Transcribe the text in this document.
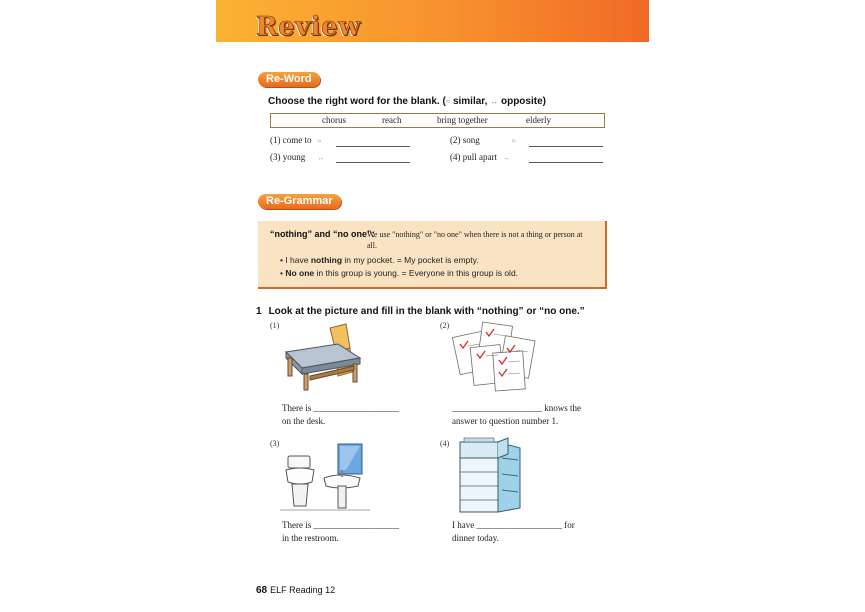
Review
Re-Word
Choose the right word for the blank. (≈ similar, ↔ opposite)
chorus	reach	bring together	elderly
(1) come to ≈	(2) song	≈
(3) young ↔	(4) pull apart ↔
Re-Grammar
“nothing” and “no one”:
We use "nothing" or "no one" when there is not a thing or person at all.
• I have nothing in my pocket. = My pocket is empty.
• No one in this group is young. = Everyone in this group is old.
1 Look at the picture and fill in the blank with “nothing” or “no one.”
(1)
There is ___________________
on the desk.
(2)
____________________ knows the
answer to question number 1.
(3)
There is ___________________
in the restroom.
(4)
I have ___________________ for
dinner today.
68 ELF Reading 12
